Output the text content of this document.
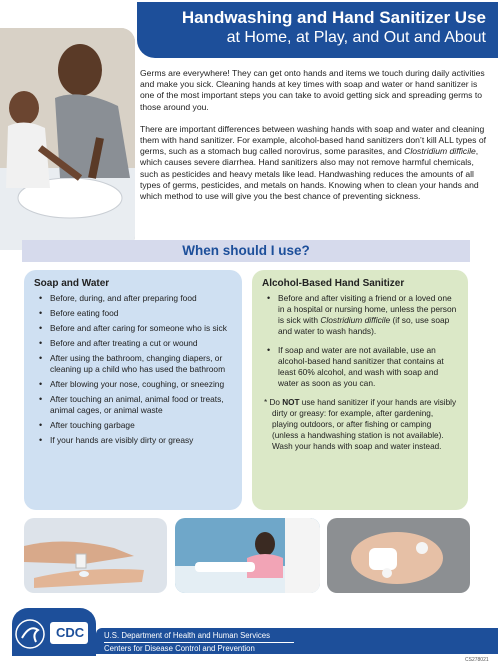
Handwashing and Hand Sanitizer Use
at Home, at Play, and Out and About

Germs are everywhere! They can get onto hands and items we touch during daily activities and make you sick. Cleaning hands at key times with soap and water or hand sanitizer is one of the most important steps you can take to avoid getting sick and spreading germs to those around you.

There are important differences between washing hands with soap and water and cleaning them with hand sanitizer. For example, alcohol-based hand sanitizers don’t kill ALL types of germs, such as a stomach bug called norovirus, some parasites, and Clostridium difficile, which causes severe diarrhea. Hand sanitizers also may not remove harmful chemicals, such as pesticides and heavy metals like lead. Handwashing reduces the amounts of all types of germs, pesticides, and metals on hands. Knowing when to clean your hands and which method to use will give you the best chance of preventing sickness.

When should I use?
Soap and Water
• Before, during, and after preparing food
• Before eating food
• Before and after caring for someone who is sick
• Before and after treating a cut or wound
• After using the bathroom, changing diapers, or cleaning up a child who has used the bathroom
• After blowing your nose, coughing, or sneezing
• After touching an animal, animal food or treats, animal cages, or animal waste
• After touching garbage
• If your hands are visibly dirty or greasy
Alcohol-Based Hand Sanitizer
• Before and after visiting a friend or a loved one in a hospital or nursing home, unless the person is sick with Clostridium difficile (if so, use soap and water to wash hands).
• If soap and water are not available, use an alcohol-based hand sanitizer that contains at least 60% alcohol, and wash with soap and water as soon as you can.
* Do NOT use hand sanitizer if your hands are visibly
dirty or greasy: for example, after gardening, playing outdoors, or after fishing or camping (unless a handwashing station is not available). Wash your hands with soap and water instead.
CDC	U.S. Department of Health and Human Services
Centers for Disease Control and Prevention
CS278021
